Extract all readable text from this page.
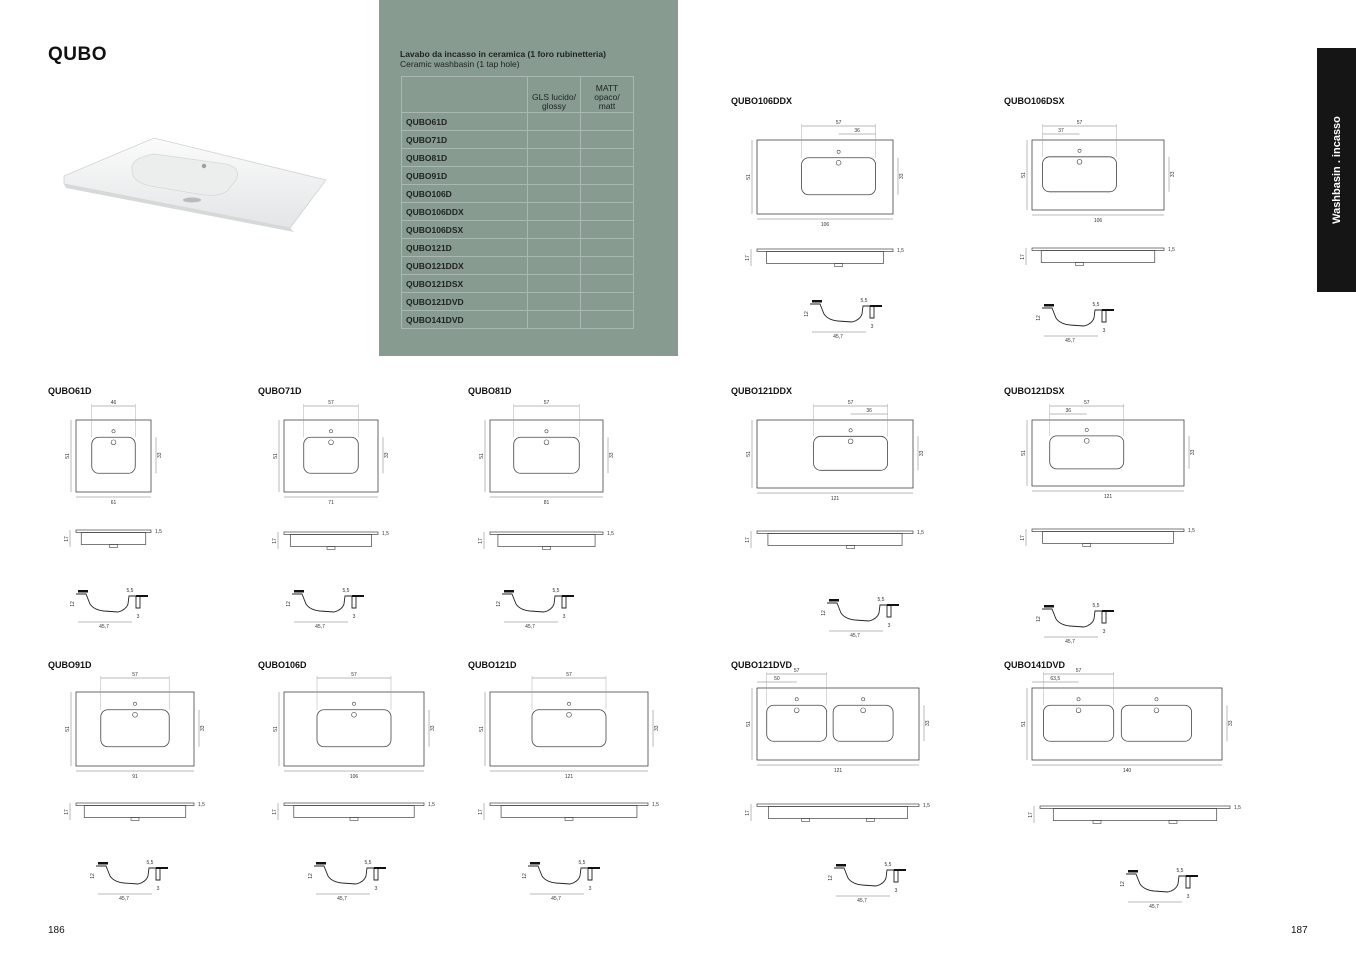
QUBO	Lavabo da incasso in ceramica (1 foro rubinetteria)
Ceramic washbasin (1 tap hole)
	GLS lucido/ glossy	MATT opaco/ matt
QUBO61D		
QUBO71D		
QUBO81D		
QUBO91D		
QUBO106D		
QUBO106DDX		
QUBO106DSX		
QUBO121D		
QUBO121DDX		
QUBO121DSX		
QUBO121DVD		
QUBO141DVD		
Washbasin . incasso
186	187
QUBO106DDX
57
36
106
51	33
17
1,5
45,7
5,5
12
3
QUBO106DSX
57
37
106
51	33
17
1,5
45,7
5,5
12
3
QUBO61D
46
61
51	33
17
1,5
45,7
5,5
12
3
QUBO71D
57
71
51	33
17
1,5
45,7
5,5
12
3
QUBO81D
57
81
51	33
17
1,5
45,7
5,5
12
3
QUBO121DDX
57
36
121
51	33
17
1,5
45,7
5,5
12
3
QUBO121DSX
57
36
121
51	33
17
1,5
45,7
5,5
12
3
QUBO91D
57
91
51	33
17
1,5
45,7
5,5
12
3
QUBO106D
57
106
51	33
17
1,5
45,7
5,5
12
3
QUBO121D
57
121
51	33
17
1,5
45,7
5,5
12
3
QUBO121DVD
57
50
121
51	33
17
1,5
45,7
5,5
12
3
QUBO141DVD
57
63,5
140
51	33
17
1,5
45,7
5,5
12
3
